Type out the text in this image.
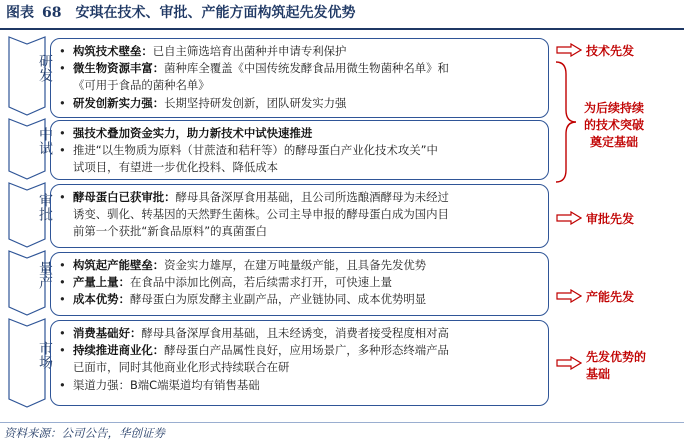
图表 68 安琪在技术、审批、产能方面构筑起先发优势
研发
中试
审批
量产
市场
• 构筑技术壁垒：已自主筛选培育出菌种并申请专利保护
• 微生物资源丰富：菌种库全覆盖《中国传统发酵食品用微生物菌种名单》和
《可用于食品的菌种名单》
• 研发创新实力强：长期坚持研发创新，团队研发实力强
• 强技术叠加资金实力，助力新技术中试快速推进
• 推进“以生物质为原料（甘蔗渣和秸秆等）的酵母蛋白产业化技术攻关”中
试项目，有望进一步优化投料、降低成本
• 酵母蛋白已获审批：酵母具备深厚食用基础，且公司所选酿酒酵母为未经过
诱变、驯化、转基因的天然野生菌株。公司主导申报的酵母蛋白成为国内目
前第一个获批“新食品原料”的真菌蛋白
• 构筑起产能壁垒：资金实力雄厚，在建万吨量级产能，且具备先发优势
• 产量上量：在食品中添加比例高，若后续需求打开，可快速上量
• 成本优势：酵母蛋白为原发酵主业副产品，产业链协同、成本优势明显
• 消费基础好：酵母具备深厚食用基础，且未经诱变，消费者接受程度相对高
• 持续推进商业化：酵母蛋白产品属性良好，应用场景广，多种形态终端产品
已面市，同时其他商业化形式持续联合在研
• 渠道力强：B端C端渠道均有销售基础
技术先发
为后续持续
的技术突破
奠定基础
审批先发
产能先发
先发优势的
基础
资料来源：公司公告，华创证券
